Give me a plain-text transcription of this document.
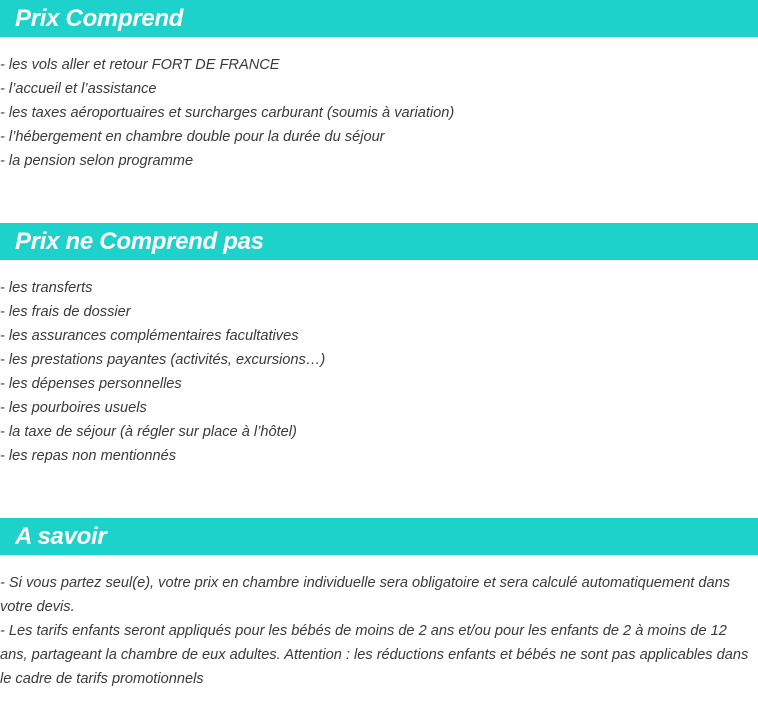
Prix Comprend
- les vols aller et retour FORT DE FRANCE
- l’accueil et l’assistance
- les taxes aéroportuaires et surcharges carburant (soumis à variation)
- l’hébergement en chambre double pour la durée du séjour
- la pension selon programme
Prix ne Comprend pas
- les transferts
- les frais de dossier
- les assurances complémentaires facultatives
- les prestations payantes (activités, excursions…)
- les dépenses personnelles
- les pourboires usuels
- la taxe de séjour (à régler sur place à l’hôtel)
- les repas non mentionnés
A savoir

- Si vous partez seul(e), votre prix en chambre individuelle sera obligatoire et sera calculé automatiquement dans votre devis.

- Les tarifs enfants seront appliqués pour les bébés de moins de 2 ans et/ou pour les enfants de 2 à moins de 12 ans, partageant la chambre de eux adultes. Attention : les réductions enfants et bébés ne sont pas applicables dans le cadre de tarifs promotionnels
